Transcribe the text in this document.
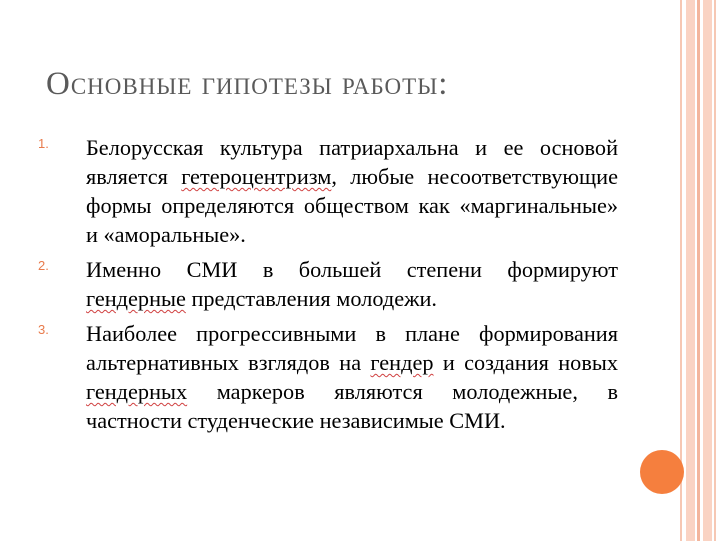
Основные гипотезы работы:
1.	Белорусская культура патриархальна и ее основой является гетероцентризм, любые несоответствующие формы определяются обществом как «маргинальные» и «аморальные».
2.	Именно СМИ в большей степени формируют гендерные представления молодежи.
3.	Наиболее прогрессивными в плане формирования альтернативных взглядов на гендер и создания новых гендерных маркеров являются молодежные, в частности студенческие независимые СМИ.
